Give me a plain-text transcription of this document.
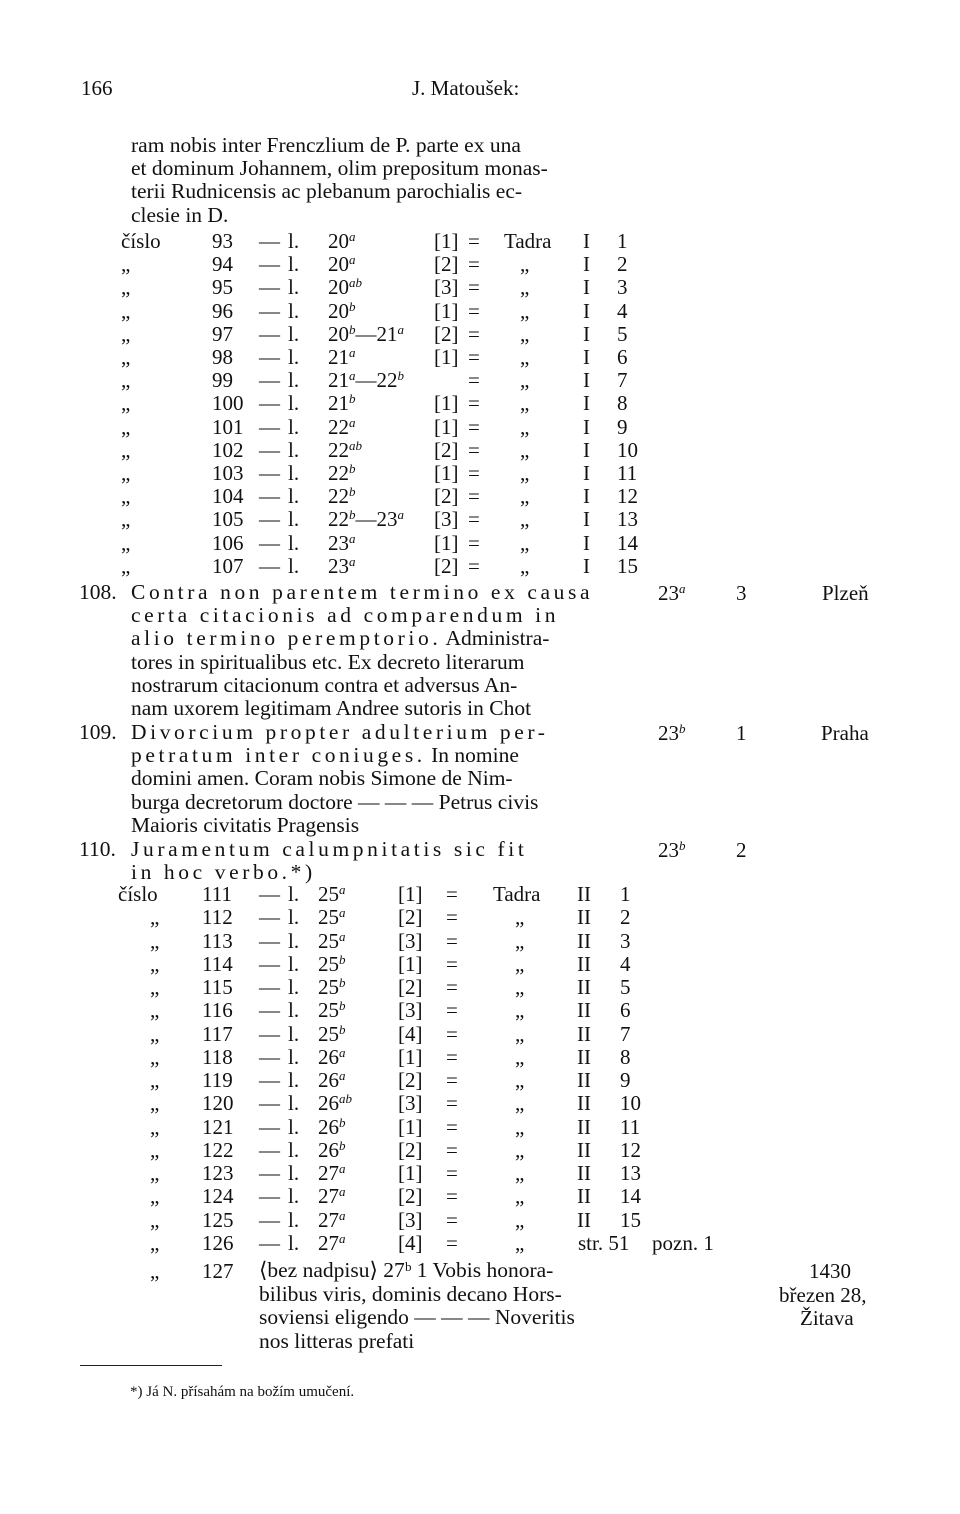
166	J. Matoušek:
ram nobis inter Frenczlium de P. parte ex una
et dominum Johannem, olim prepositum monas-
terii Rudnicensis ac plebanum parochialis ec-
clesie in D.
číslo 93 — l. 20$^a$	[1] = Tadra I 1
„	94 — l. 20$^a$	[2] = „	I 2
„	95 — l. $20^{ab}$	[3] = „	I 3
„	96 — l. 20$^b$	[1] = „	I 4
„	97 — l. 20$^b$—21$^a$ [2] = „	I 5
„	98 — l. 21$^a$	[1] = „	I 6
„	99 — l. $21^a—22^b$	= „	I 7
„	100 — l. 21$^b$	[1] = „	I 8
„	101 — l. 22$^a$	[1] = „	I 9
„	102 — l. $22^{ab}$	[2] = „	I 10
„	103 — l. 22$^b$	[1] = „	I 11
„	104 — l. 22$^b$	[2] = „	I 12
„	105 — l. 22$^b$—23$^a$ [3] = „	I 13
„	106 — l. 23$^a$	[1] = „	I 14
„	107 — l. 23$^a$	[2] = „	I 15
108. Contra non parentem termino ex causa
certa citacionis ad comparendum in
alio termino peremptorio. Administra-
tores in spiritualibus etc. Ex decreto literarum
nostrarum citacionum contra et adversus An-
nam uxorem legitimam Andree sutoris in Chot
23$^a$ 3	Plzeň
109. Divorcium propter adulterium per-
petratum inter coniuges. In nomine
domini amen. Coram nobis Simone de Nim-
burga decretorum doctore — — — Petrus civis
Maioris civitatis Pragensis
23$^b$ 1	Praha
110. Juramentum calumpnitatis sic fit
in hoc verbo.*)
23$^b$ 2
číslo 111 — l. 25$^a$	[1] = Tadra II 1
„ 112 — l. 25$^a$	[2] =	„	II 2
„ 113 — l. 25$^a$	[3] =	„	II 3
„ 114 — l. 25$^b$	[1] =	„	II 4
„ 115 — l. 25$^b$	[2] =	„	II 5
„ 116 — l. 25$^b$	[3] =	„	II 6
„ 117 — l. 25$^b$	[4] =	„	II 7
„ 118 — l. 26$^a$	[1] =	„	II 8
„ 119 — l. 26$^a$	[2] =	„	II 9
„ 120 — l. $26^{ab}$ [3] =	„	II 10
„ 121 — l. 26$^b$	[1] =	„	II 11
„ 122 — l. 26$^b$	[2] =	„	II 12
„ 123 — l. 27$^a$	[1] =	„	II 13
„ 124 — l. 27$^a$	[2] =	„	II 14
„ 125 — l. 27$^a$	[3] =	„	II 15
„ 126 — l. 27$^a$	[4] =	„	str. 51 pozn. 1
„ 127 ⟨bez nadpisu⟩ 27ᵇ 1 Vobis honora-
bilibus viris, dominis decano Hors-
soviensi eligendo — — — Noveritis
nos litteras prefati
1430
březen 28,
Žitava
*) Já N. přísahám na božím umučení.
